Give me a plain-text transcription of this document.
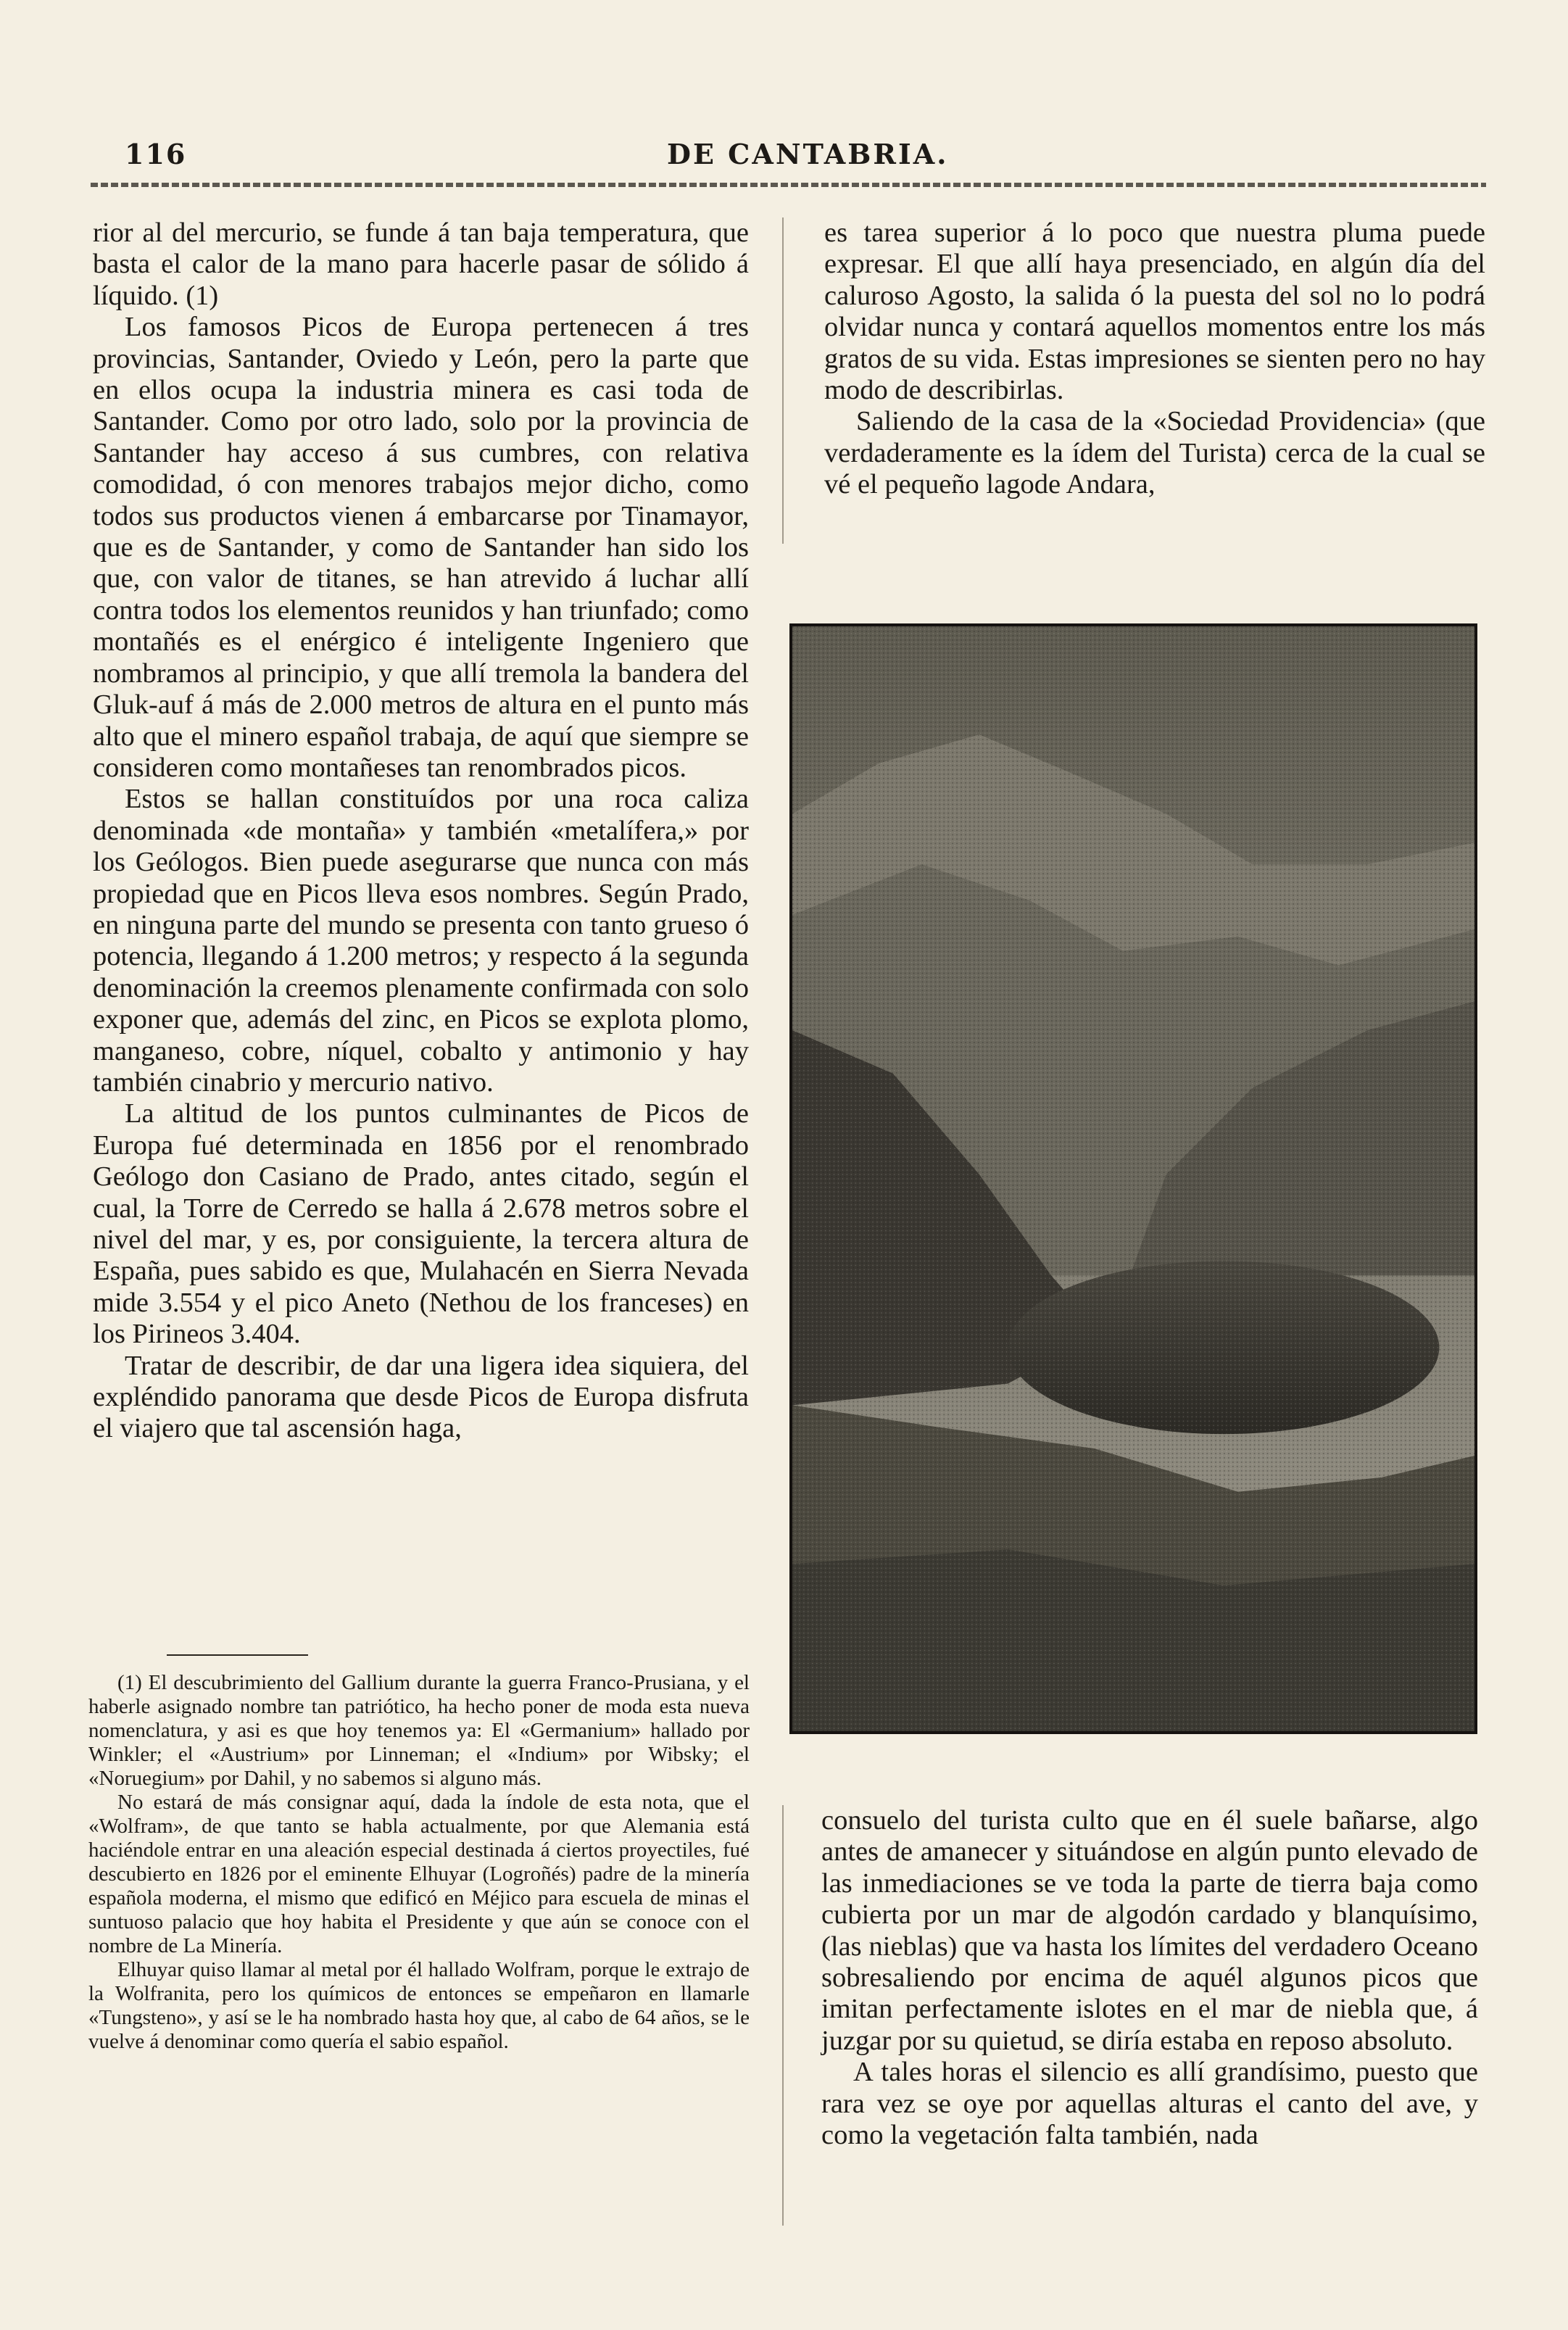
116	DE CANTABRIA.

rior al del mercurio, se funde á tan baja temperatura, que basta el calor de la mano para hacerle pasar de sólido á líquido. (1)

Los famosos Picos de Europa pertenecen á tres provincias, Santander, Oviedo y León, pero la parte que en ellos ocupa la industria minera es casi toda de Santander. Como por otro lado, solo por la provincia de Santander hay acceso á sus cumbres, con relativa comodidad, ó con menores trabajos mejor dicho, como todos sus productos vienen á embarcarse por Tinamayor, que es de Santander, y como de Santander han sido los que, con valor de titanes, se han atrevido á luchar allí contra todos los elementos reunidos y han triunfado; como montañés es el enérgico é inteligente Ingeniero que nombramos al principio, y que allí tremola la bandera del Gluk-auf á más de 2.000 metros de altura en el punto más alto que el minero español trabaja, de aquí que siempre se consideren como montañeses tan renombrados picos.

Estos se hallan constituídos por una roca caliza denominada «de montaña» y también «metalífera,» por los Geólogos. Bien puede asegurarse que nunca con más propiedad que en Picos lleva esos nombres. Según Prado, en ninguna parte del mundo se presenta con tanto grueso ó potencia, llegando á 1.200 metros; y respecto á la segunda denominación la creemos plenamente confirmada con solo exponer que, además del zinc, en Picos se explota plomo, manganeso, cobre, níquel, cobalto y antimonio y hay también cinabrio y mercurio nativo.

La altitud de los puntos culminantes de Picos de Europa fué determinada en 1856 por el renombrado Geólogo don Casiano de Prado, antes citado, según el cual, la Torre de Cerredo se halla á 2.678 metros sobre el nivel del mar, y es, por consiguiente, la tercera altura de España, pues sabido es que, Mulahacén en Sierra Nevada mide 3.554 y el pico Aneto (Nethou de los franceses) en los Pirineos 3.404.

Tratar de describir, de dar una ligera idea siquiera, del expléndido panorama que desde Picos de Europa disfruta el viajero que tal ascensión haga,

(1) El descubrimiento del Gallium durante la guerra Franco-Prusiana, y el haberle asignado nombre tan patriótico, ha hecho poner de moda esta nueva nomenclatura, y asi es que hoy tenemos ya: El «Germanium» hallado por Winkler; el «Austrium» por Linneman; el «Indium» por Wibsky; el «Noruegium» por Dahil, y no sabemos si alguno más.

No estará de más consignar aquí, dada la índole de esta nota, que el «Wolfram», de que tanto se habla actualmente, por que Alemania está haciéndole entrar en una aleación especial destinada á ciertos proyectiles, fué descubierto en 1826 por el eminente Elhuyar (Logroñés) padre de la minería española moderna, el mismo que edificó en Méjico para escuela de minas el suntuoso palacio que hoy habita el Presidente y que aún se conoce con el nombre de La Minería.

Elhuyar quiso llamar al metal por él hallado Wolfram, porque le extrajo de la Wolfranita, pero los químicos de entonces se empeñaron en llamarle «Tungsteno», y así se le ha nombrado hasta hoy que, al cabo de 64 años, se le vuelve á denominar como quería el sabio español.

es tarea superior á lo poco que nuestra pluma puede expresar. El que allí haya presenciado, en algún día del caluroso Agosto, la salida ó la puesta del sol no lo podrá olvidar nunca y contará aquellos momentos entre los más gratos de su vida. Estas impresiones se sienten pero no hay modo de describirlas.

Saliendo de la casa de la «Sociedad Providencia» (que verdaderamente es la ídem del Turista) cerca de la cual se vé el pequeño lagode Andara,

consuelo del turista culto que en él suele bañarse, algo antes de amanecer y situándose en algún punto elevado de las inmediaciones se ve toda la parte de tierra baja como cubierta por un mar de algodón cardado y blanquísimo, (las nieblas) que va hasta los límites del verdadero Oceano sobresaliendo por encima de aquél algunos picos que imitan perfectamente islotes en el mar de niebla que, á juzgar por su quietud, se diría estaba en reposo absoluto.

A tales horas el silencio es allí grandísimo, puesto que rara vez se oye por aquellas alturas el canto del ave, y como la vegetación falta también, nada
